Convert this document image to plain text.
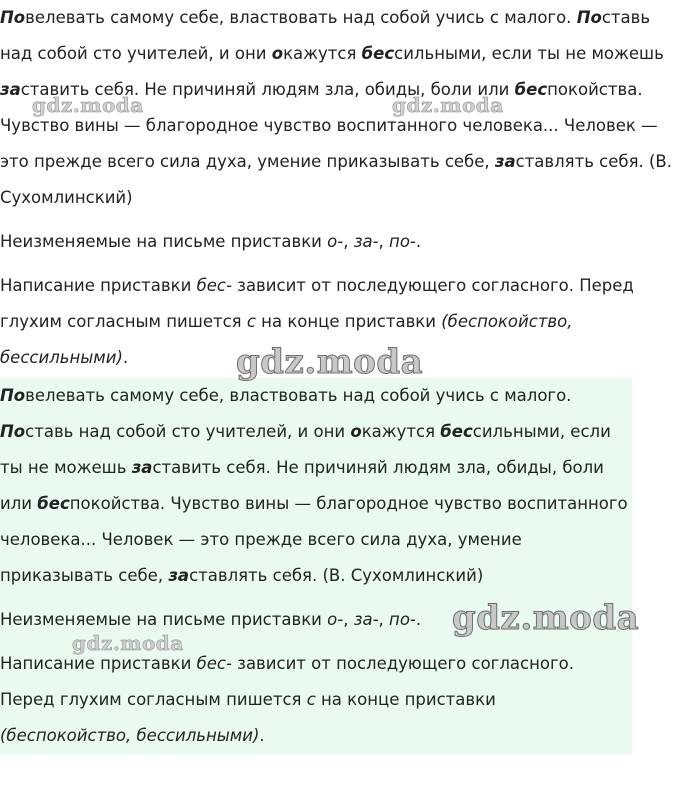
Повелевать самому себе, властвовать над собой учись с малого. Поставь над собой сто учителей, и они окажутся бессильными, если ты не можешь заставить себя. Не причиняй людям зла, обиды, боли или беспокойства. Чувство вины — благородное чувство воспитанного человека... Человек — это прежде всего сила духа, умение приказывать себе, заставлять себя. (В. Сухомлинский)

Неизменяемые на письме приставки о-, за-, по-.

Написание приставки бес- зависит от последующего согласного. Перед глухим согласным пишется с на конце приставки (беспокойство, бессильными).

Повелевать самому себе, властвовать над собой учись с малого. Поставь над собой сто учителей, и они окажутся бессильными, если ты не можешь заставить себя. Не причиняй людям зла, обиды, боли или беспокойства. Чувство вины — благородное чувство воспитанного человека... Человек — это прежде всего сила духа, умение приказывать себе, заставлять себя. (В. Сухомлинский)

Неизменяемые на письме приставки о-, за-, по-.

Написание приставки бес- зависит от последующего согласного. Перед глухим согласным пишется с на конце приставки (беспокойство, бессильными).

gdz.moda	gdz.moda
gdz.moda
gdz.moda
gdz.moda
